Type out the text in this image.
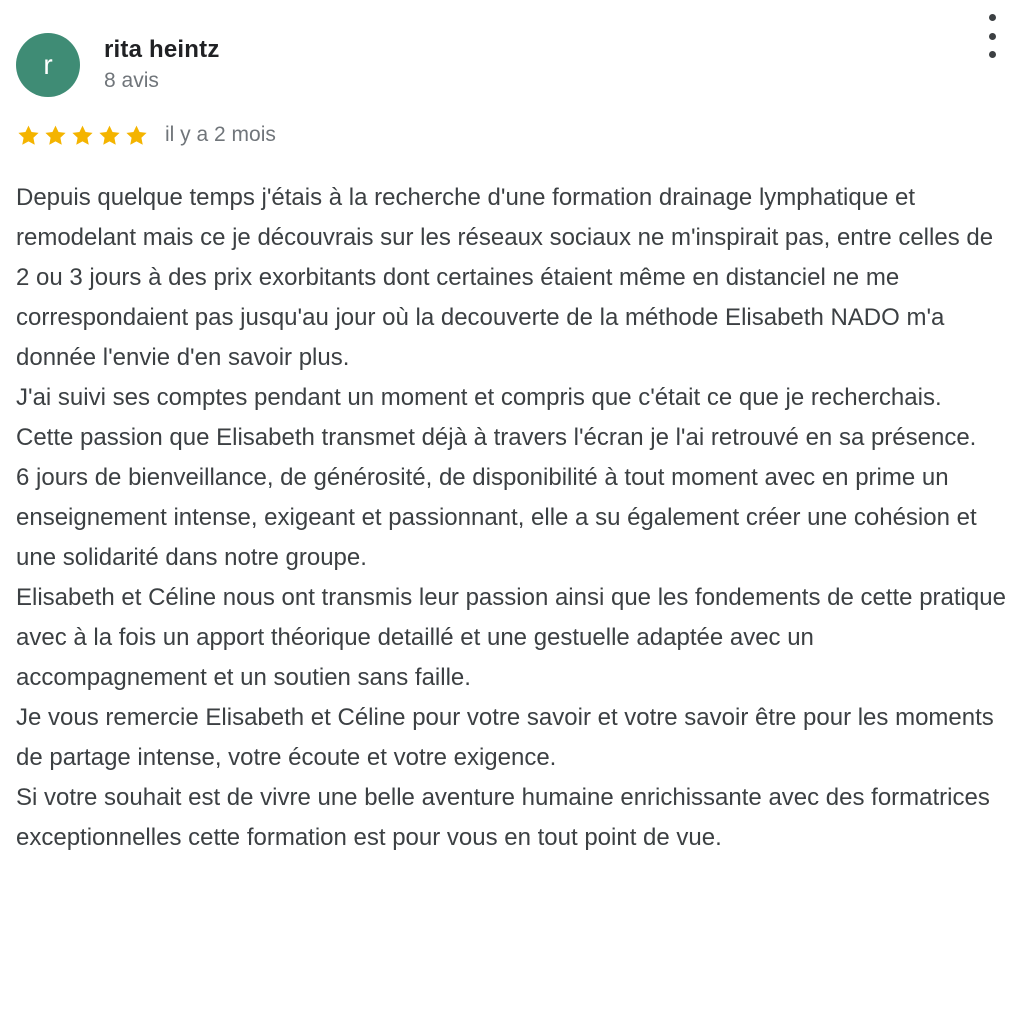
r	rita heintz
8 avis
il y a 2 mois

Depuis quelque temps j'étais à la recherche d'une formation drainage lymphatique et remodelant mais ce je découvrais sur les réseaux sociaux ne m'inspirait pas, entre celles de 2 ou 3 jours à des prix exorbitants dont certaines étaient même en distanciel ne me correspondaient pas jusqu'au jour où la decouverte de la méthode Elisabeth NADO m'a donnée l'envie d'en savoir plus.

J'ai suivi ses comptes pendant un moment et compris que c'était ce que je recherchais.

Cette passion que Elisabeth transmet déjà à travers l'écran je l'ai retrouvé en sa présence.

6 jours de bienveillance, de générosité, de disponibilité à tout moment avec en prime un enseignement intense, exigeant et passionnant, elle a su également créer une cohésion et une solidarité dans notre groupe.

Elisabeth et Céline nous ont transmis leur passion ainsi que les fondements de cette pratique avec à la fois un apport théorique detaillé et une gestuelle adaptée avec un accompagnement et un soutien sans faille.

Je vous remercie Elisabeth et Céline pour votre savoir et votre savoir être pour les moments de partage intense, votre écoute et votre exigence.

Si votre souhait est de vivre une belle aventure humaine enrichissante avec des formatrices exceptionnelles cette formation est pour vous en tout point de vue.
